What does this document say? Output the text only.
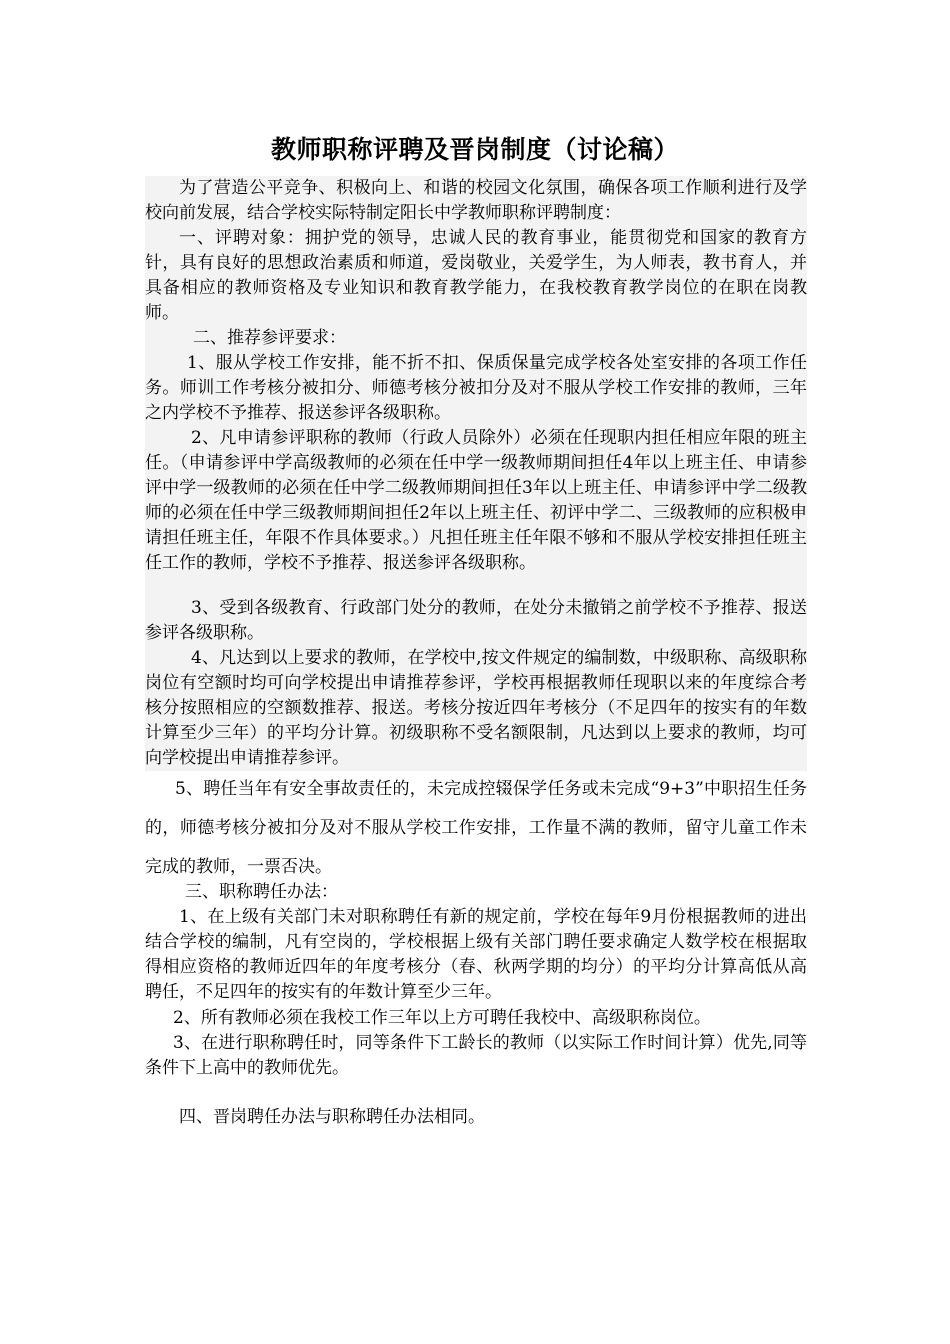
教师职称评聘及晋岗制度（讨论稿）

为了营造公平竞争、积极向上、和谐的校园文化氛围，确保各项工作顺利进行及学校向前发展，结合学校实际特制定阳长中学教师职称评聘制度：

一、评聘对象：拥护党的领导，忠诚人民的教育事业，能贯彻党和国家的教育方针，具有良好的思想政治素质和师道，爱岗敬业，关爱学生，为人师表，教书育人，并具备相应的教师资格及专业知识和教育教学能力，在我校教育教学岗位的在职在岗教师。

二、推荐参评要求：

1、服从学校工作安排，能不折不扣、保质保量完成学校各处室安排的各项工作任务。师训工作考核分被扣分、师德考核分被扣分及对不服从学校工作安排的教师，三年之内学校不予推荐、报送参评各级职称。

2、凡申请参评职称的教师（行政人员除外）必须在任现职内担任相应年限的班主任。（申请参评中学高级教师的必须在任中学一级教师期间担任4年以上班主任、申请参评中学一级教师的必须在任中学二级教师期间担任3年以上班主任、申请参评中学二级教师的必须在任中学三级教师期间担任2年以上班主任、初评中学二、三级教师的应积极申请担任班主任，年限不作具体要求。）凡担任班主任年限不够和不服从学校安排担任班主任工作的教师，学校不予推荐、报送参评各级职称。

3、受到各级教育、行政部门处分的教师，在处分未撤销之前学校不予推荐、报送参评各级职称。

4、凡达到以上要求的教师，在学校中,按文件规定的编制数，中级职称、高级职称岗位有空额时均可向学校提出申请推荐参评，学校再根据教师任现职以来的年度综合考核分按照相应的空额数推荐、报送。考核分按近四年考核分（不足四年的按实有的年数计算至少三年）的平均分计算。初级职称不受名额限制，凡达到以上要求的教师，均可向学校提出申请推荐参评。

5、聘任当年有安全事故责任的，未完成控辍保学任务或未完成“9+3”中职招生任务的，师德考核分被扣分及对不服从学校工作安排，工作量不满的教师，留守儿童工作未完成的教师，一票否决。

三、职称聘任办法：

1、在上级有关部门未对职称聘任有新的规定前，学校在每年9月份根据教师的进出结合学校的编制，凡有空岗的，学校根据上级有关部门聘任要求确定人数学校在根据取得相应资格的教师近四年的年度考核分（春、秋两学期的均分）的平均分计算高低从高聘任，不足四年的按实有的年数计算至少三年。

2、所有教师必须在我校工作三年以上方可聘任我校中、高级职称岗位。

3、在进行职称聘任时，同等条件下工龄长的教师（以实际工作时间计算）优先,同等条件下上高中的教师优先。

四、晋岗聘任办法与职称聘任办法相同。
